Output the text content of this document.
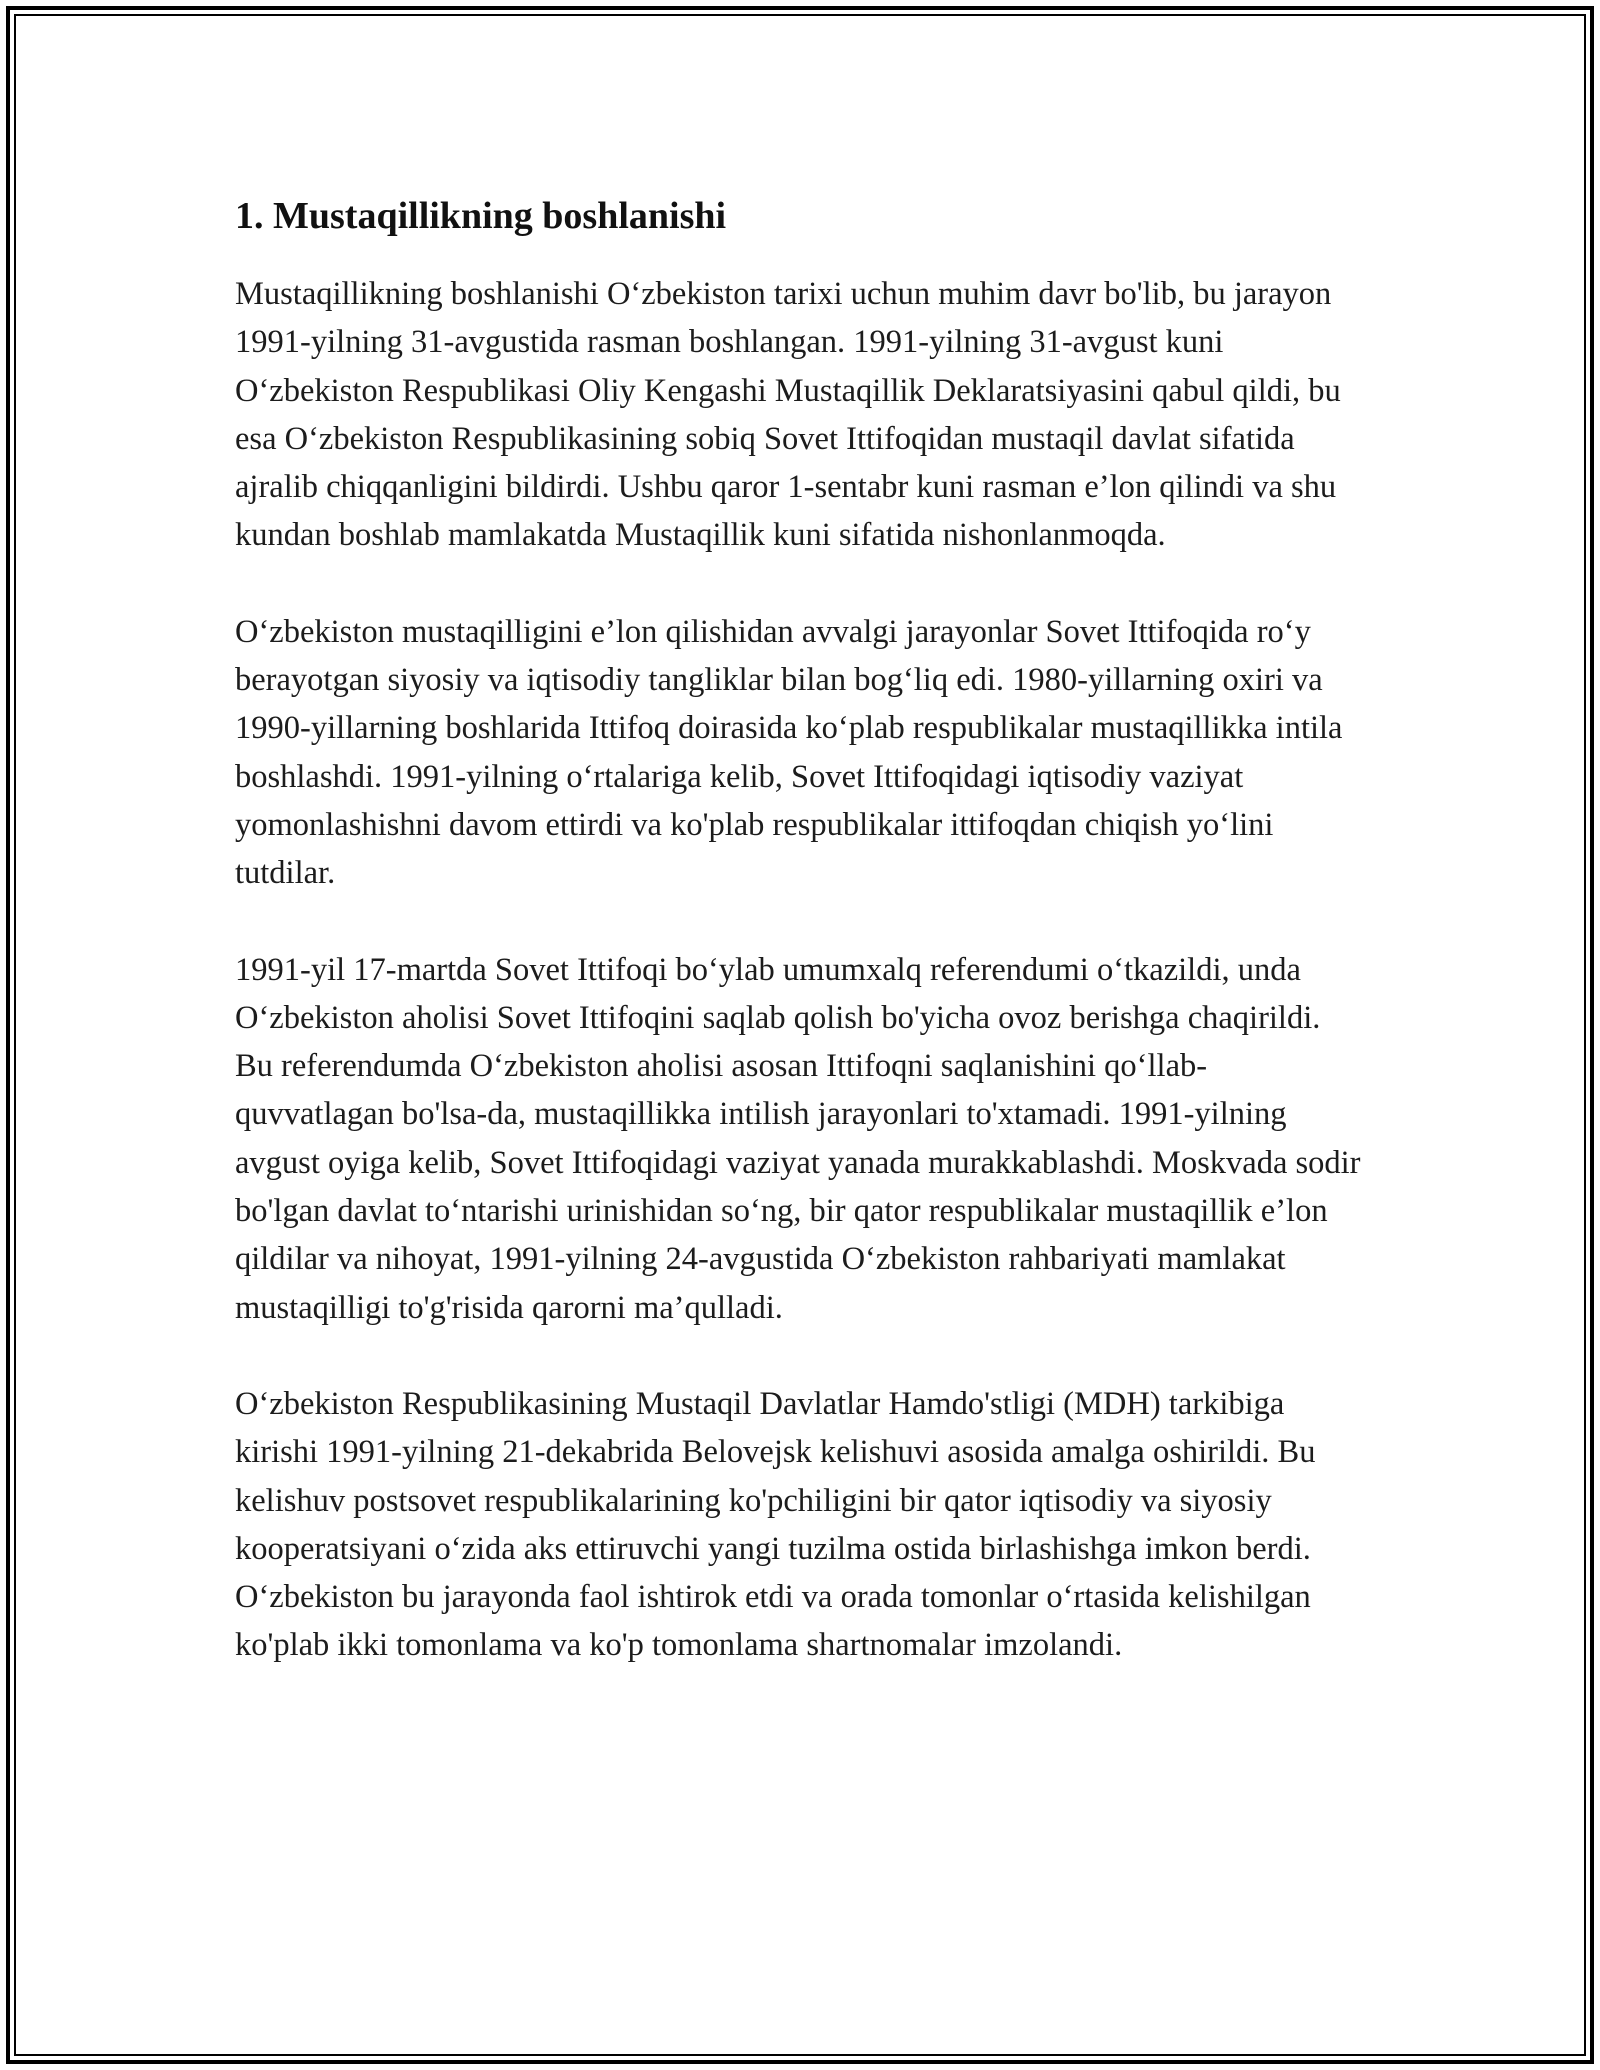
1. Mustaqillikning boshlanishi

Mustaqillikning boshlanishi O‘zbekiston tarixi uchun muhim davr bo'lib, bu jarayon 1991-yilning 31-avgustida rasman boshlangan. 1991-yilning 31-avgust kuni O‘zbekiston Respublikasi Oliy Kengashi Mustaqillik Deklaratsiyasini qabul qildi, bu esa O‘zbekiston Respublikasining sobiq Sovet Ittifoqidan mustaqil davlat sifatida ajralib chiqqanligini bildirdi. Ushbu qaror 1-sentabr kuni rasman e’lon qilindi va shu kundan boshlab mamlakatda Mustaqillik kuni sifatida nishonlanmoqda.

O‘zbekiston mustaqilligini e’lon qilishidan avvalgi jarayonlar Sovet Ittifoqida ro‘y berayotgan siyosiy va iqtisodiy tangliklar bilan bog‘liq edi. 1980-yillarning oxiri va 1990-yillarning boshlarida Ittifoq doirasida ko‘plab respublikalar mustaqillikka intila boshlashdi. 1991-yilning o‘rtalariga kelib, Sovet Ittifoqidagi iqtisodiy vaziyat yomonlashishni davom ettirdi va ko'plab respublikalar ittifoqdan chiqish yo‘lini tutdilar.

1991-yil 17-martda Sovet Ittifoqi bo‘ylab umumxalq referendumi o‘tkazildi, unda O‘zbekiston aholisi Sovet Ittifoqini saqlab qolish bo'yicha ovoz berishga chaqirildi. Bu referendumda O‘zbekiston aholisi asosan Ittifoqni saqlanishini qo‘llab-quvvatlagan bo'lsa-da, mustaqillikka intilish jarayonlari to'xtamadi. 1991-yilning avgust oyiga kelib, Sovet Ittifoqidagi vaziyat yanada murakkablashdi. Moskvada sodir bo'lgan davlat to‘ntarishi urinishidan so‘ng, bir qator respublikalar mustaqillik e’lon qildilar va nihoyat, 1991-yilning 24-avgustida O‘zbekiston rahbariyati mamlakat mustaqilligi to'g'risida qarorni ma’qulladi.

O‘zbekiston Respublikasining Mustaqil Davlatlar Hamdo'stligi (MDH) tarkibiga kirishi 1991-yilning 21-dekabrida Belovejsk kelishuvi asosida amalga oshirildi. Bu kelishuv postsovet respublikalarining ko'pchiligini bir qator iqtisodiy va siyosiy kooperatsiyani o‘zida aks ettiruvchi yangi tuzilma ostida birlashishga imkon berdi. O‘zbekiston bu jarayonda faol ishtirok etdi va orada tomonlar o‘rtasida kelishilgan ko'plab ikki tomonlama va ko'p tomonlama shartnomalar imzolandi.
